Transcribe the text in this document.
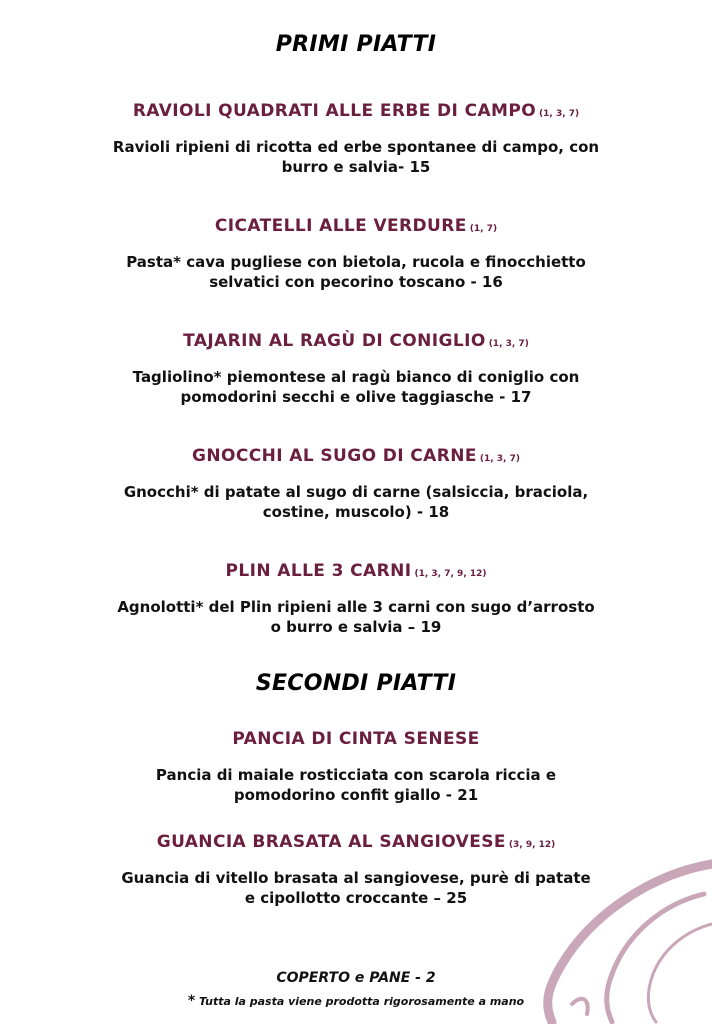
PRIMI PIATTI
RAVIOLI QUADRATI ALLE ERBE DI CAMPO (1, 3, 7)
Ravioli ripieni di ricotta ed erbe spontanee di campo, con
burro e salvia- 15
CICATELLI ALLE VERDURE (1, 7)
Pasta* cava pugliese con bietola, rucola e finocchietto
selvatici con pecorino toscano - 16
TAJARIN AL RAGÙ DI CONIGLIO (1, 3, 7)
Tagliolino* piemontese al ragù bianco di coniglio con
pomodorini secchi e olive taggiasche - 17
GNOCCHI AL SUGO DI CARNE (1, 3, 7)
Gnocchi* di patate al sugo di carne (salsiccia, braciola,
costine, muscolo) - 18
PLIN ALLE 3 CARNI (1, 3, 7, 9, 12)
Agnolotti* del Plin ripieni alle 3 carni con sugo d’arrosto
o burro e salvia – 19
SECONDI PIATTI
PANCIA DI CINTA SENESE
Pancia di maiale rosticciata con scarola riccia e
pomodorino confit giallo - 21
GUANCIA BRASATA AL SANGIOVESE (3, 9, 12)
Guancia di vitello brasata al sangiovese, purè di patate
e cipollotto croccante – 25
COPERTO e PANE - 2
* Tutta la pasta viene prodotta rigorosamente a mano
